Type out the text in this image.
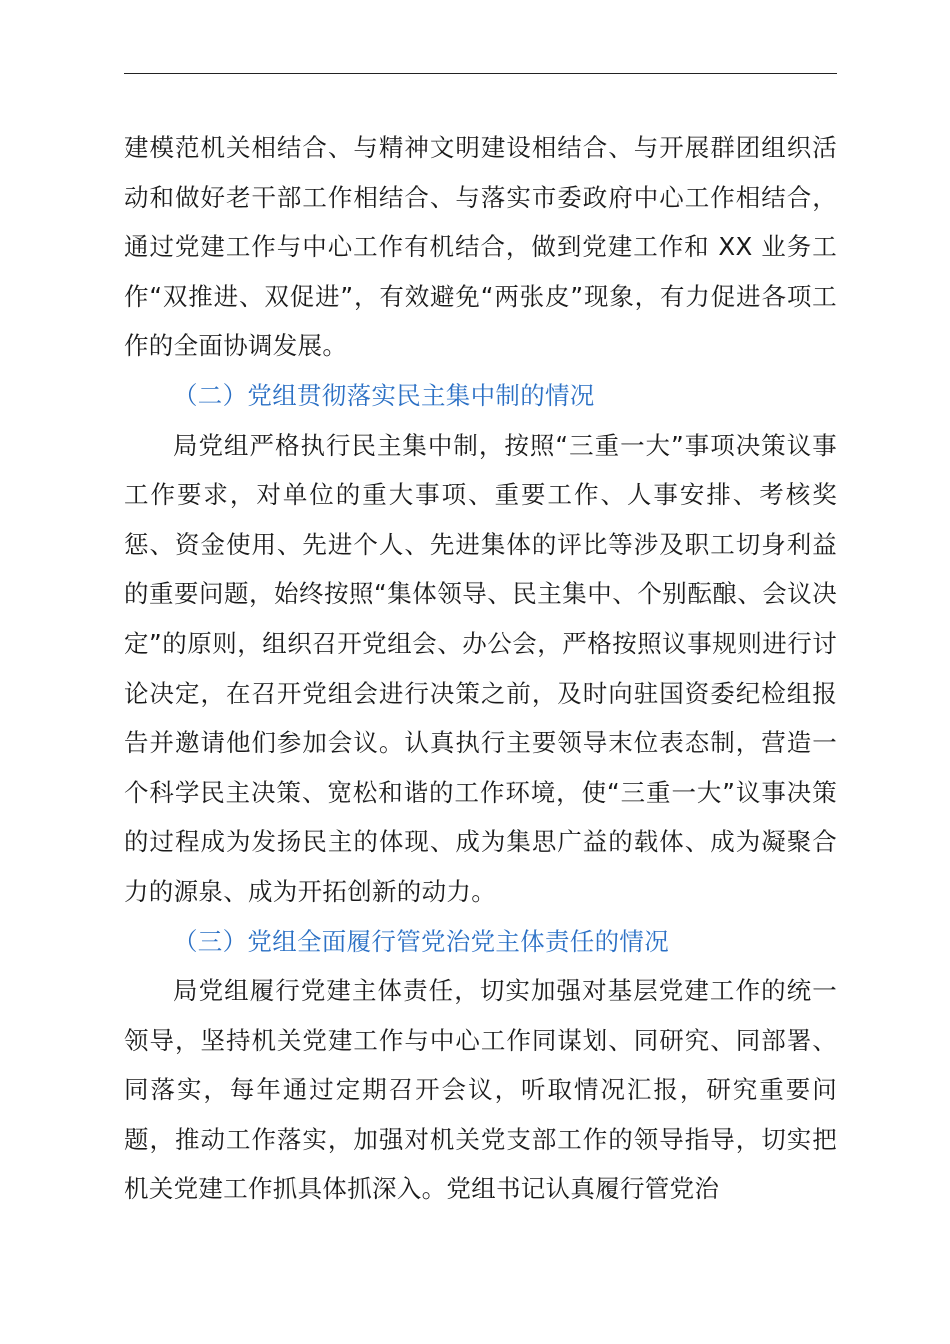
建模范机关相结合、与精神文明建设相结合、与开展群团组织活动和做好老干部工作相结合、与落实市委政府中心工作相结合，通过党建工作与中心工作有机结合，做到党建工作和 XX 业务工作“双推进、双促进”，有效避免“两张皮”现象，有力促进各项工作的全面协调发展。

（二）党组贯彻落实民主集中制的情况

局党组严格执行民主集中制，按照“三重一大”事项决策议事工作要求，对单位的重大事项、重要工作、人事安排、考核奖惩、资金使用、先进个人、先进集体的评比等涉及职工切身利益的重要问题，始终按照“集体领导、民主集中、个别酝酿、会议决定”的原则，组织召开党组会、办公会，严格按照议事规则进行讨论决定，在召开党组会进行决策之前，及时向驻国资委纪检组报告并邀请他们参加会议。认真执行主要领导末位表态制，营造一个科学民主决策、宽松和谐的工作环境，使“三重一大”议事决策的过程成为发扬民主的体现、成为集思广益的载体、成为凝聚合力的源泉、成为开拓创新的动力。

（三）党组全面履行管党治党主体责任的情况

局党组履行党建主体责任，切实加强对基层党建工作的统一领导，坚持机关党建工作与中心工作同谋划、同研究、同部署、同落实，每年通过定期召开会议，听取情况汇报，研究重要问题，推动工作落实，加强对机关党支部工作的领导指导，切实把机关党建工作抓具体抓深入。党组书记认真履行管党治
